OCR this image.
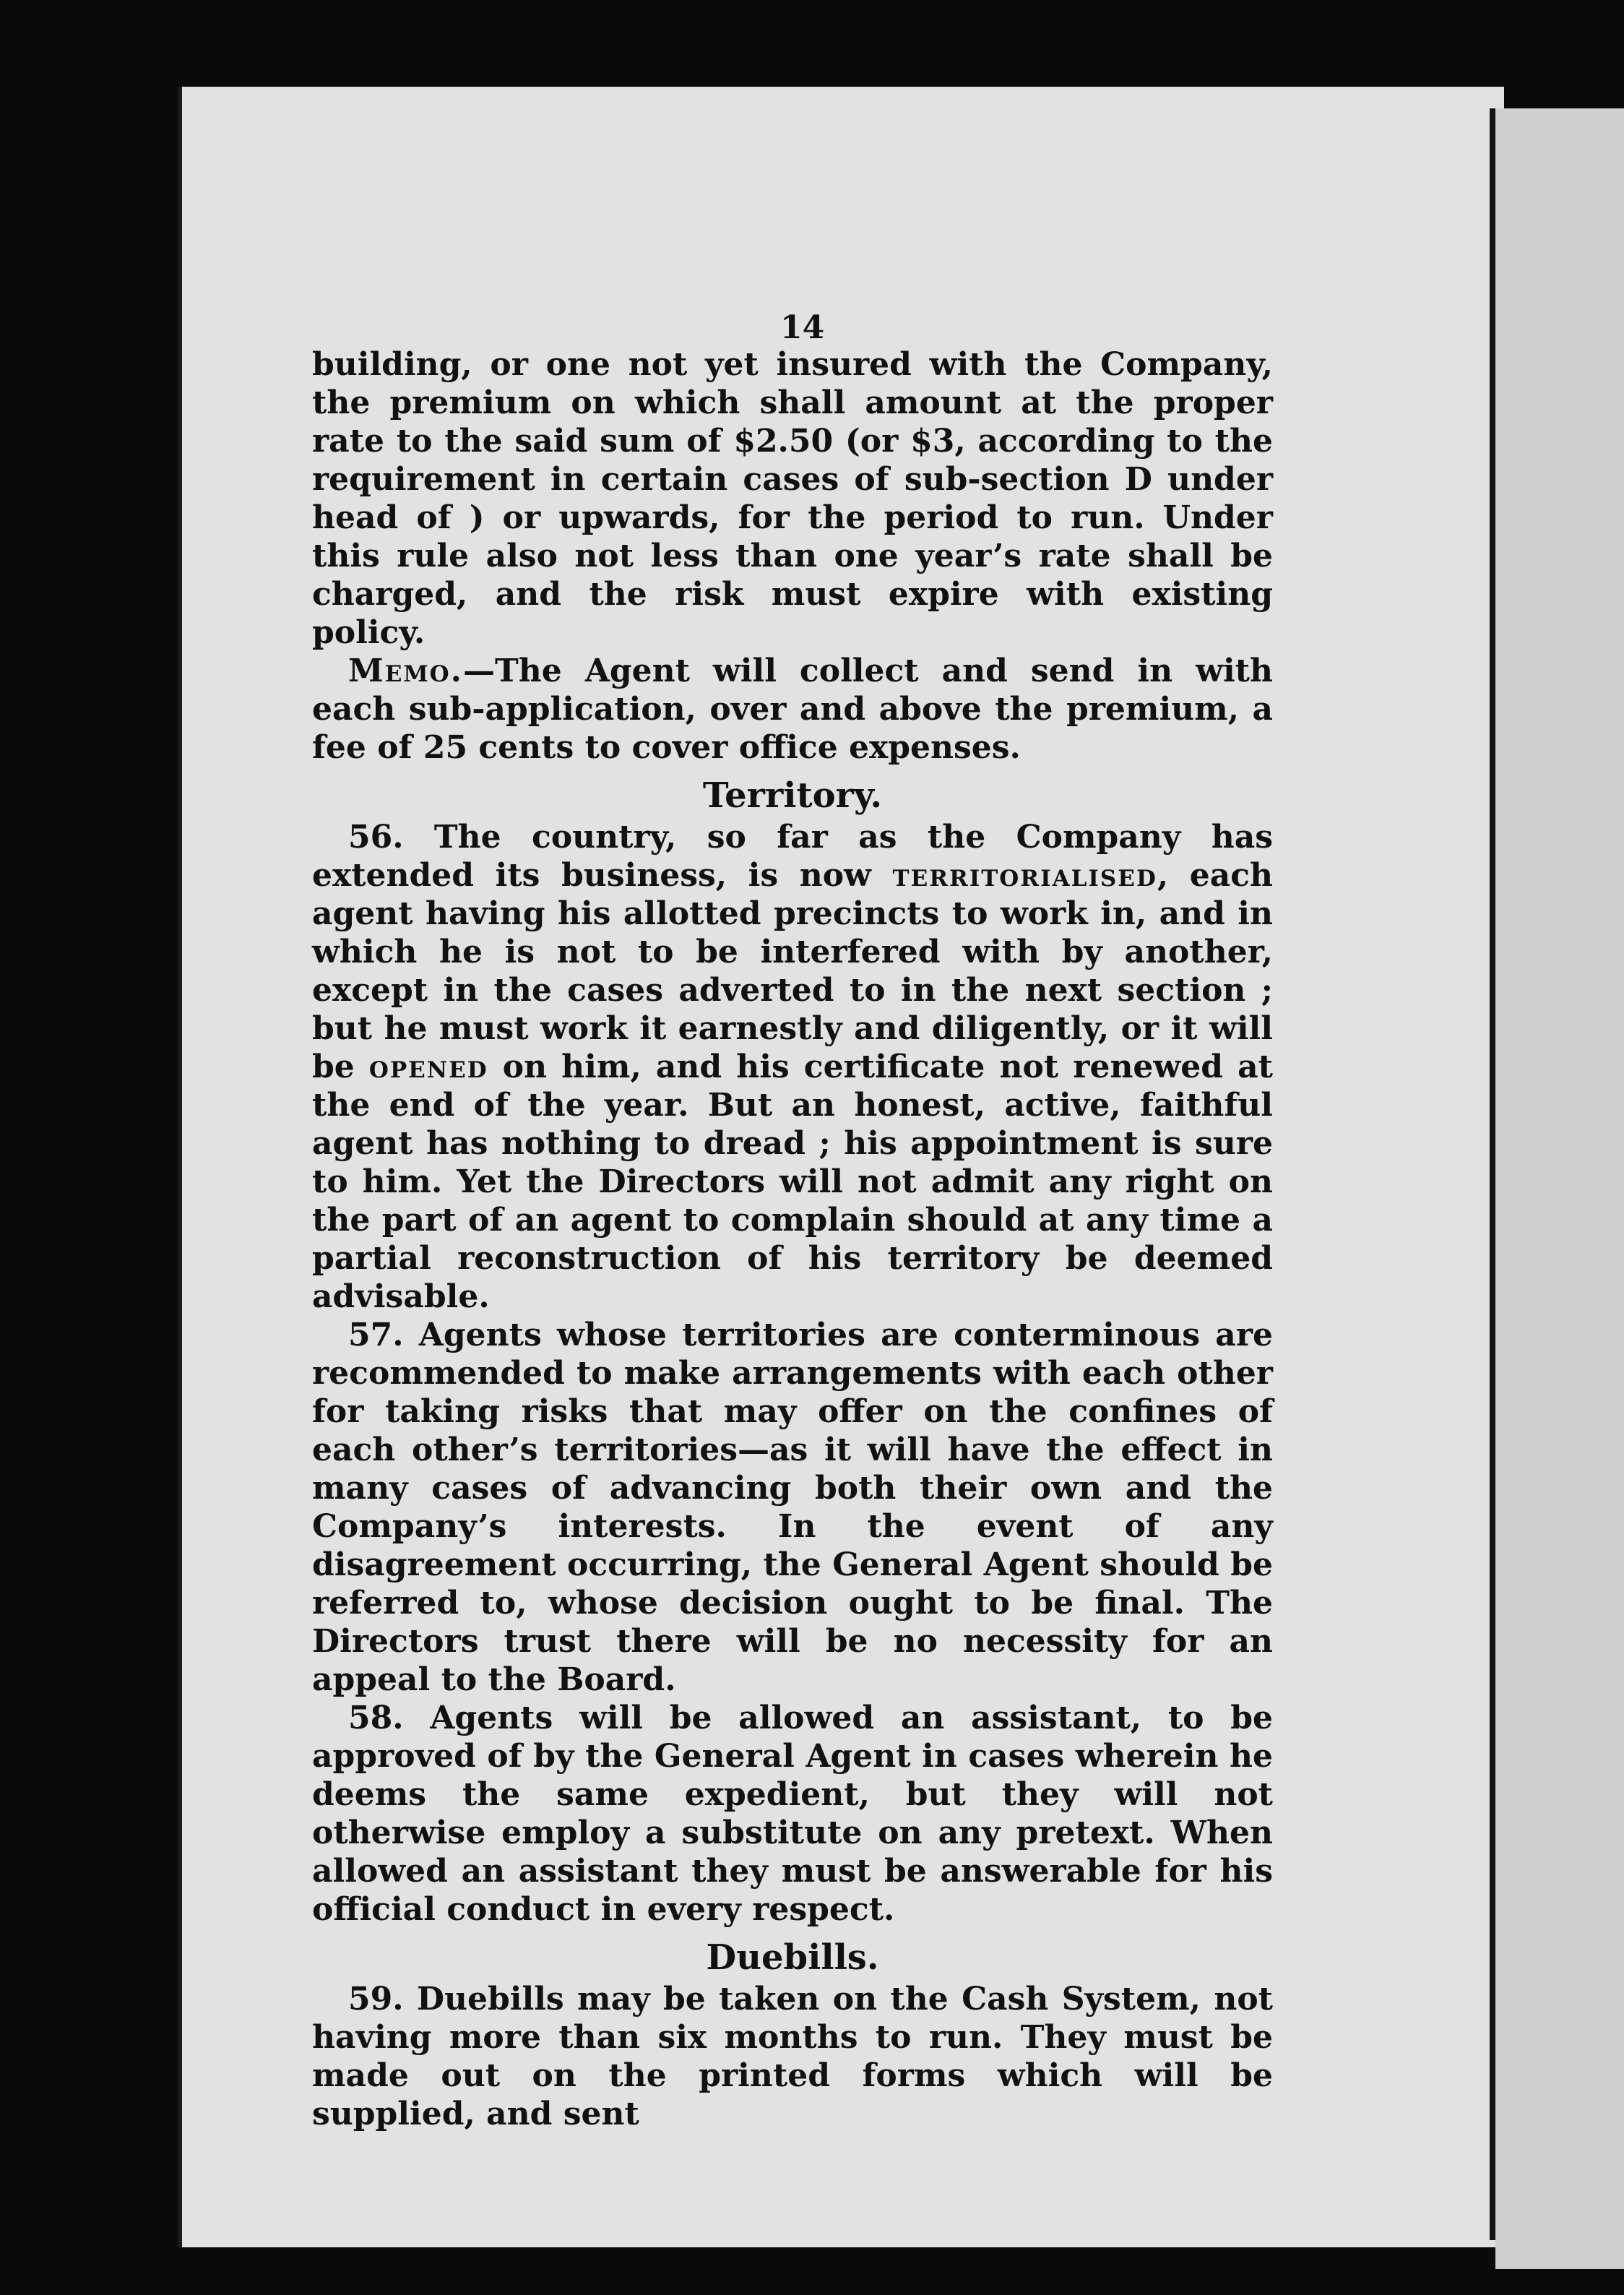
14

building, or one not yet insured with the Company, the premium on which shall amount at the proper rate to the said sum of $2.50 (or $3, according to the requirement in certain cases of sub-section D under head of ) or upwards, for the period to run. Under this rule also not less than one year’s rate shall be charged, and the risk must expire with existing policy.

Memo.—The Agent will collect and send in with each sub-application, over and above the premium, a fee of 25 cents to cover office expenses.

Territory.

56. The country, so far as the Company has extended its business, is now territorialised, each agent having his allotted precincts to work in, and in which he is not to be interfered with by another, except in the cases adverted to in the next section ; but he must work it earnestly and diligently, or it will be opened on him, and his certificate not renewed at the end of the year. But an honest, active, faithful agent has nothing to dread ; his appointment is sure to him. Yet the Directors will not admit any right on the part of an agent to complain should at any time a partial reconstruction of his territory be deemed advisable.

57. Agents whose territories are conterminous are recommended to make arrangements with each other for taking risks that may offer on the confines of each other’s territories—as it will have the effect in many cases of advancing both their own and the Company’s interests. In the event of any disagreement occurring, the General Agent should be referred to, whose decision ought to be final. The Directors trust there will be no necessity for an appeal to the Board.

58. Agents will be allowed an assistant, to be approved of by the General Agent in cases wherein he deems the same expedient, but they will not otherwise employ a substitute on any pretext. When allowed an assistant they must be answerable for his official conduct in every respect.

Duebills.

59. Duebills may be taken on the Cash System, not having more than six months to run. They must be made out on the printed forms which will be supplied, and sent
